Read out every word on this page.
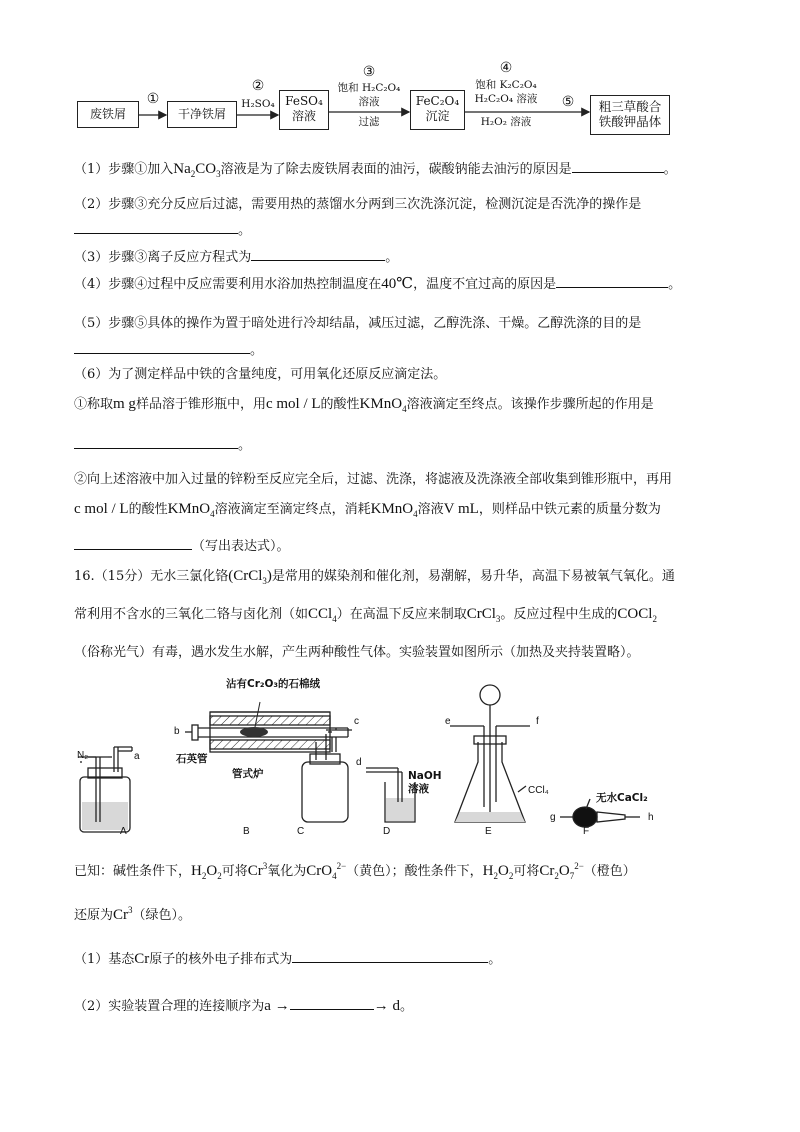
废铁屑
①
干净铁屑
②
H₂SO₄ FeSO₄
溶液
③
饱和 H₂C₂O₄
溶液
过滤
FeC₂O₄
沉淀
④
饱和 K₂C₂O₄
H₂C₂O₄ 溶液
H₂O₂ 溶液
⑤	粗三草酸合
铁酸钾晶体
（1）步骤①加入$Na_2CO_3$溶液是为了除去废铁屑表面的油污，碳酸钠能去油污的原因是	。
（2）步骤③充分反应后过滤，需要用热的蒸馏水分两到三次洗涤沉淀，检测沉淀是否洗净的操作是
。
（3）步骤③离子反应方程式为	。
（4）步骤④过程中反应需要利用水浴加热控制温度在40℃，温度不宜过高的原因是	。
（5）步骤⑤具体的操作为置于暗处进行冷却结晶，减压过滤，乙醇洗涤、干燥。乙醇洗涤的目的是
。
（6）为了测定样品中铁的含量纯度，可用氧化还原反应滴定法。
①称取m g样品溶于锥形瓶中，用c mol / L的酸性KMnO$_4$溶液滴定至终点。该操作步骤所起的作用是
。
②向上述溶液中加入过量的锌粉至反应完全后，过滤、洗涤，将滤液及洗涤液全部收集到锥形瓶中，再用
c mol / L的酸性KMnO$_4$溶液滴定至滴定终点，消耗KMnO$_4$溶液V mL，则样品中铁元素的质量分数为
（写出表达式）。
16.（15分）无水三氯化铬(CrCl$_3$)是常用的媒染剂和催化剂，易潮解，易升华，高温下易被氧气氧化。通
常利用不含水的三氧化二铬与卤化剂（如CCl$_4$）在高温下反应来制取CrCl$_3$。反应过程中生成的COCl$_2$
（俗称光气）有毒，遇水发生水解，产生两种酸性气体。实验装置如图所示（加热及夹持装置略）。
沾有Cr₂O₃的石棉绒
N₂	a
b
c
d
e	f
g	h
石英管
管式炉	NaOH
溶液	CCl₄
无水CaCl₂
A	B	C	D	E	F
已知：碱性条件下，$H_2O_2$可将Cr$^3$氧化为CrO$_4^{2-}$（黄色）；酸性条件下，$H_2O_2$可将$Cr_2O_7^{2-}$（橙色）
还原为Cr$^3$（绿色）。
（1）基态Cr原子的核外电子排布式为	。
（2）实验装置合理的连接顺序为a →	→ d。
